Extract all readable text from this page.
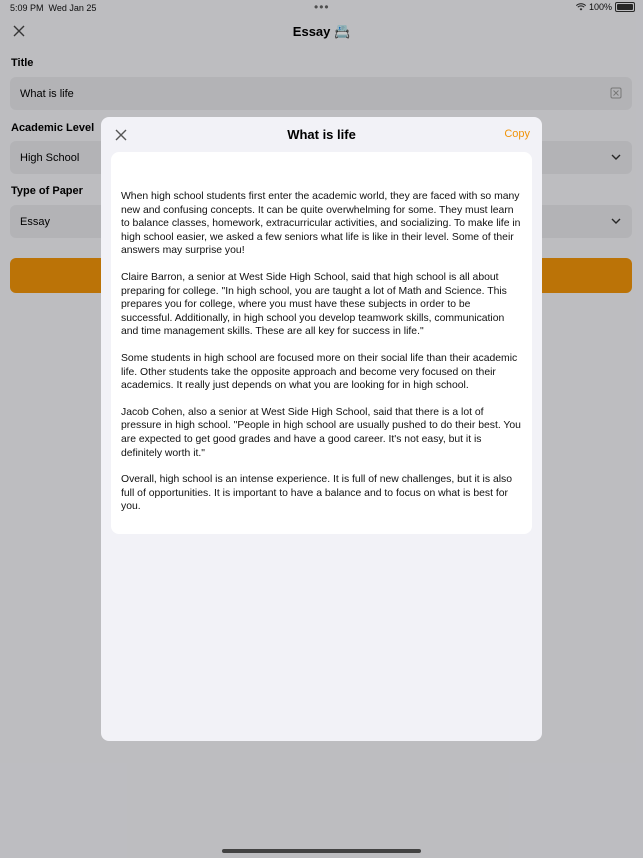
5:09 PM Wed Jan 25	•••	100%
Essay 📇
Title
What is life
Academic Level
High School
Type of Paper
Essay
What is life	Copy

When high school students first enter the academic world, they are faced with so many new and confusing concepts. It can be quite overwhelming for some. They must learn to balance classes, homework, extracurricular activities, and socializing. To make life in high school easier, we asked a few seniors what life is like in their level. Some of their answers may surprise you!

Claire Barron, a senior at West Side High School, said that high school is all about preparing for college. "In high school, you are taught a lot of Math and Science. This prepares you for college, where you must have these subjects in order to be successful. Additionally, in high school you develop teamwork skills, communication and time management skills. These are all key for success in life."

Some students in high school are focused more on their social life than their academic life. Other students take the opposite approach and become very focused on their academics. It really just depends on what you are looking for in high school.

Jacob Cohen, also a senior at West Side High School, said that there is a lot of pressure in high school. "People in high school are usually pushed to do their best. You are expected to get good grades and have a good career. It's not easy, but it is definitely worth it."

Overall, high school is an intense experience. It is full of new challenges, but it is also full of opportunities. It is important to have a balance and to focus on what is best for you.
